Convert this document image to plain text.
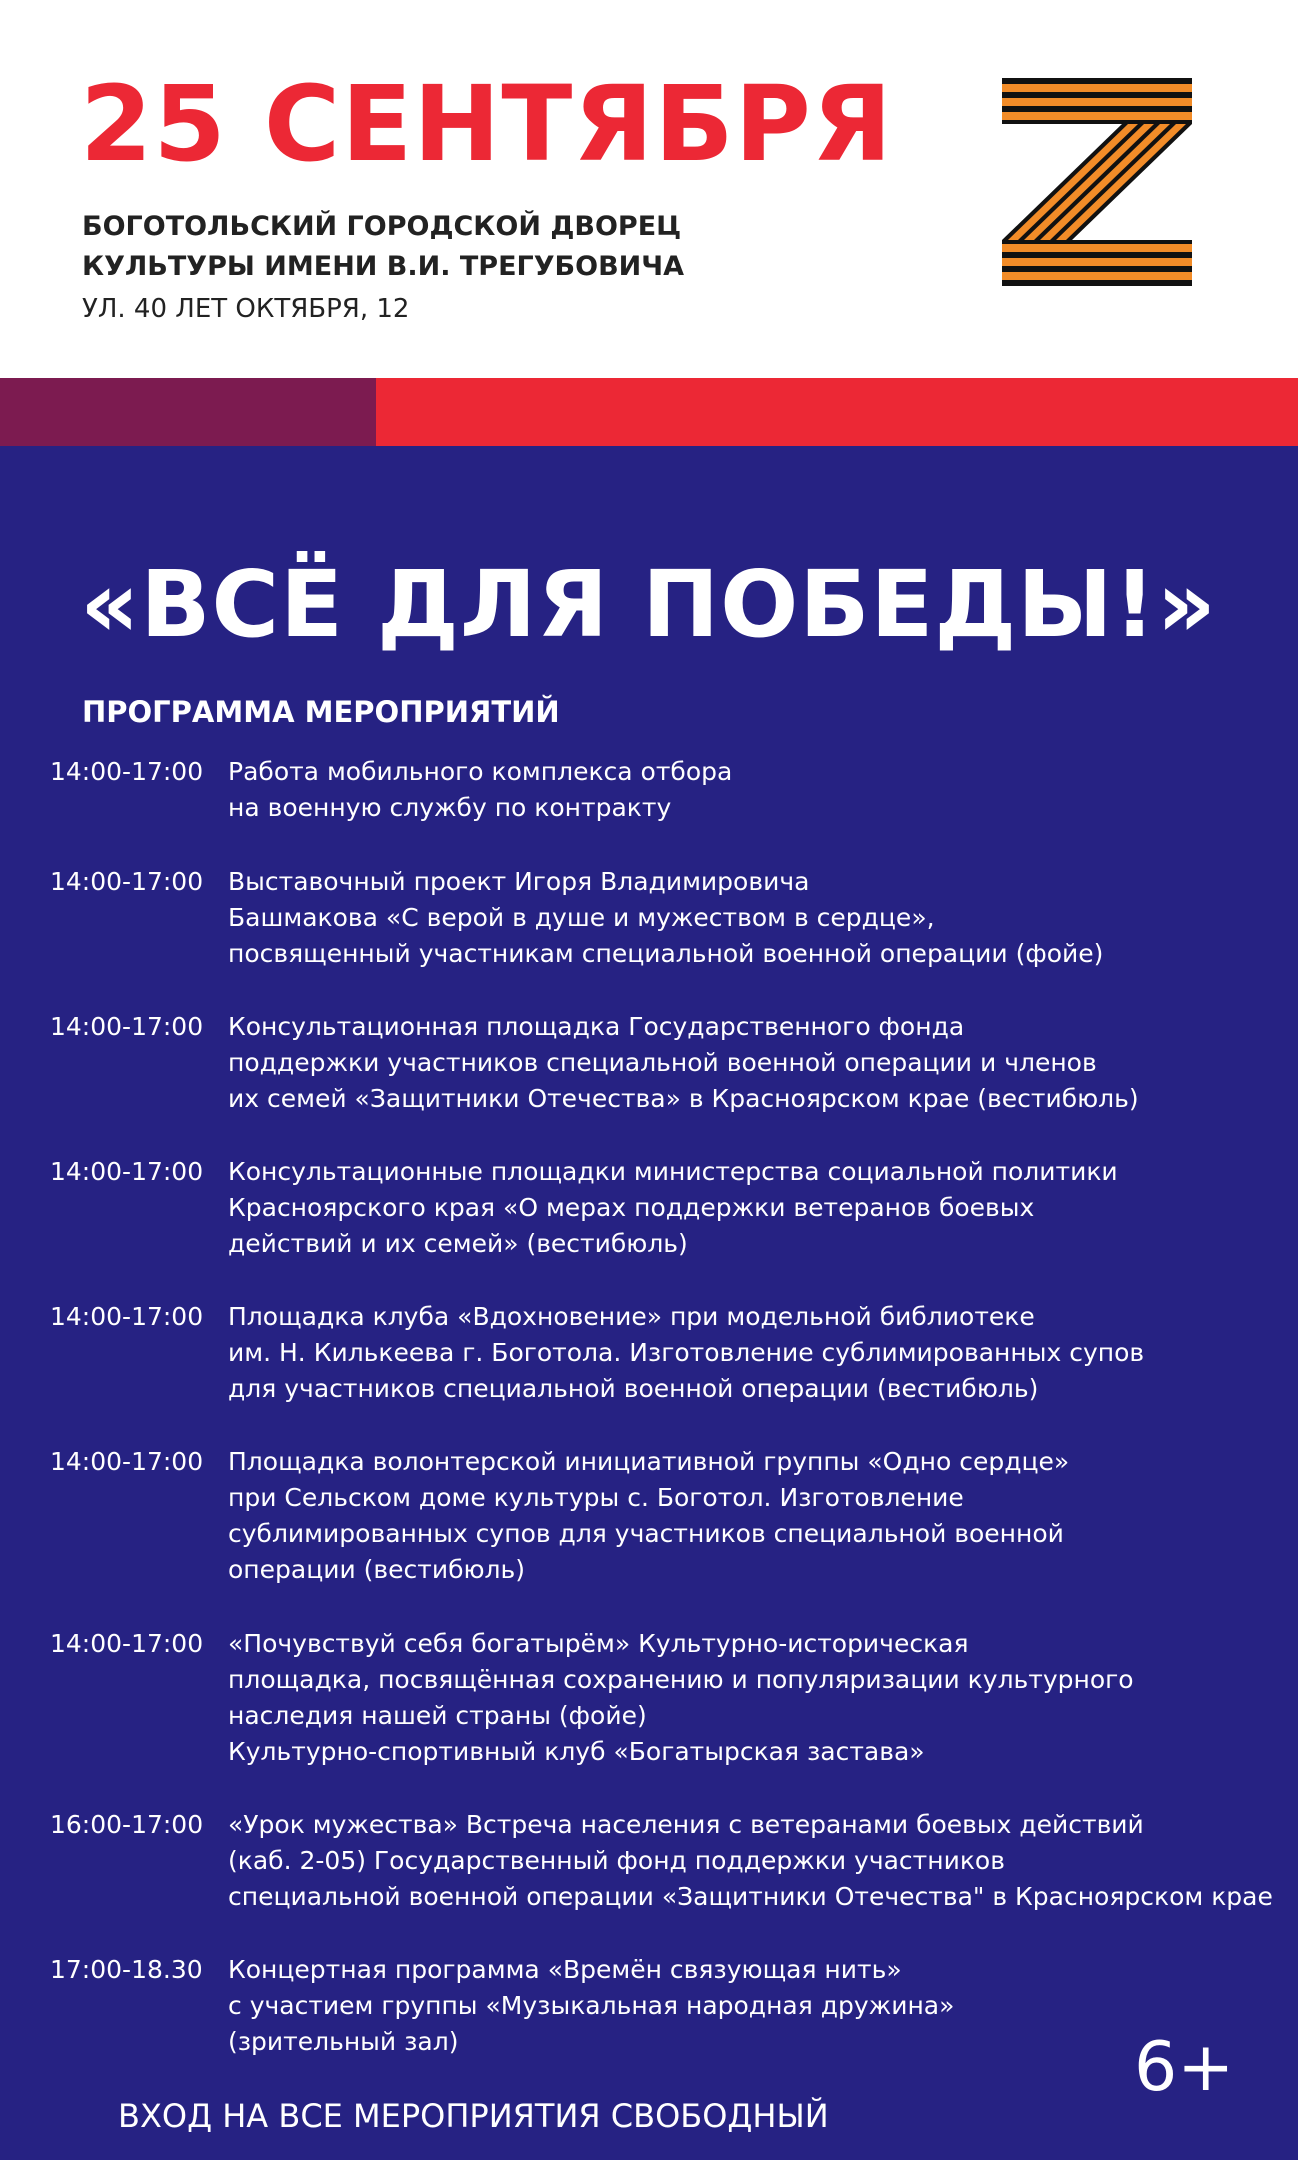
25 СЕНТЯБРЯ
БОГОТОЛЬСКИЙ ГОРОДСКОЙ ДВОРЕЦ
КУЛЬТУРЫ ИМЕНИ В.И. ТРЕГУБОВИЧА
УЛ. 40 ЛЕТ ОКТЯБРЯ, 12
«ВСЁ ДЛЯ ПОБЕДЫ!»
ПРОГРАММА МЕРОПРИЯТИЙ
14:00-17:00 Работа мобильного комплекса отбора
на военную службу по контракту
14:00-17:00 Выставочный проект Игоря Владимировича
Башмакова «С верой в душе и мужеством в сердце»,
посвященный участникам специальной военной операции (фойе)
14:00-17:00 Консультационная площадка Государственного фонда
поддержки участников специальной военной операции и членов
их семей «Защитники Отечества» в Красноярском крае (вестибюль)
14:00-17:00 Консультационные площадки министерства социальной политики
Красноярского края «О мерах поддержки ветеранов боевых
действий и их семей» (вестибюль)
14:00-17:00 Площадка клуба «Вдохновение» при модельной библиотеке
им. Н. Килькеева г. Боготола. Изготовление сублимированных супов
для участников специальной военной операции (вестибюль)
14:00-17:00 Площадка волонтерской инициативной группы «Одно сердце»
при Сельском доме культуры с. Боготол. Изготовление
сублимированных супов для участников специальной военной
операции (вестибюль)
14:00-17:00 «Почувствуй себя богатырём» Культурно-историческая
площадка, посвящённая сохранению и популяризации культурного
наследия нашей страны (фойе)
Культурно-спортивный клуб «Богатырская застава»
16:00-17:00 «Урок мужества» Встреча населения с ветеранами боевых действий
(каб. 2-05) Государственный фонд поддержки участников
специальной военной операции «Защитники Отечества" в Красноярском крае
17:00-18.30 Концертная программа «Времён связующая нить»
с участием группы «Музыкальная народная дружина»
(зрительный зал)	6+
ВХОД НА ВСЕ МЕРОПРИЯТИЯ СВОБОДНЫЙ
